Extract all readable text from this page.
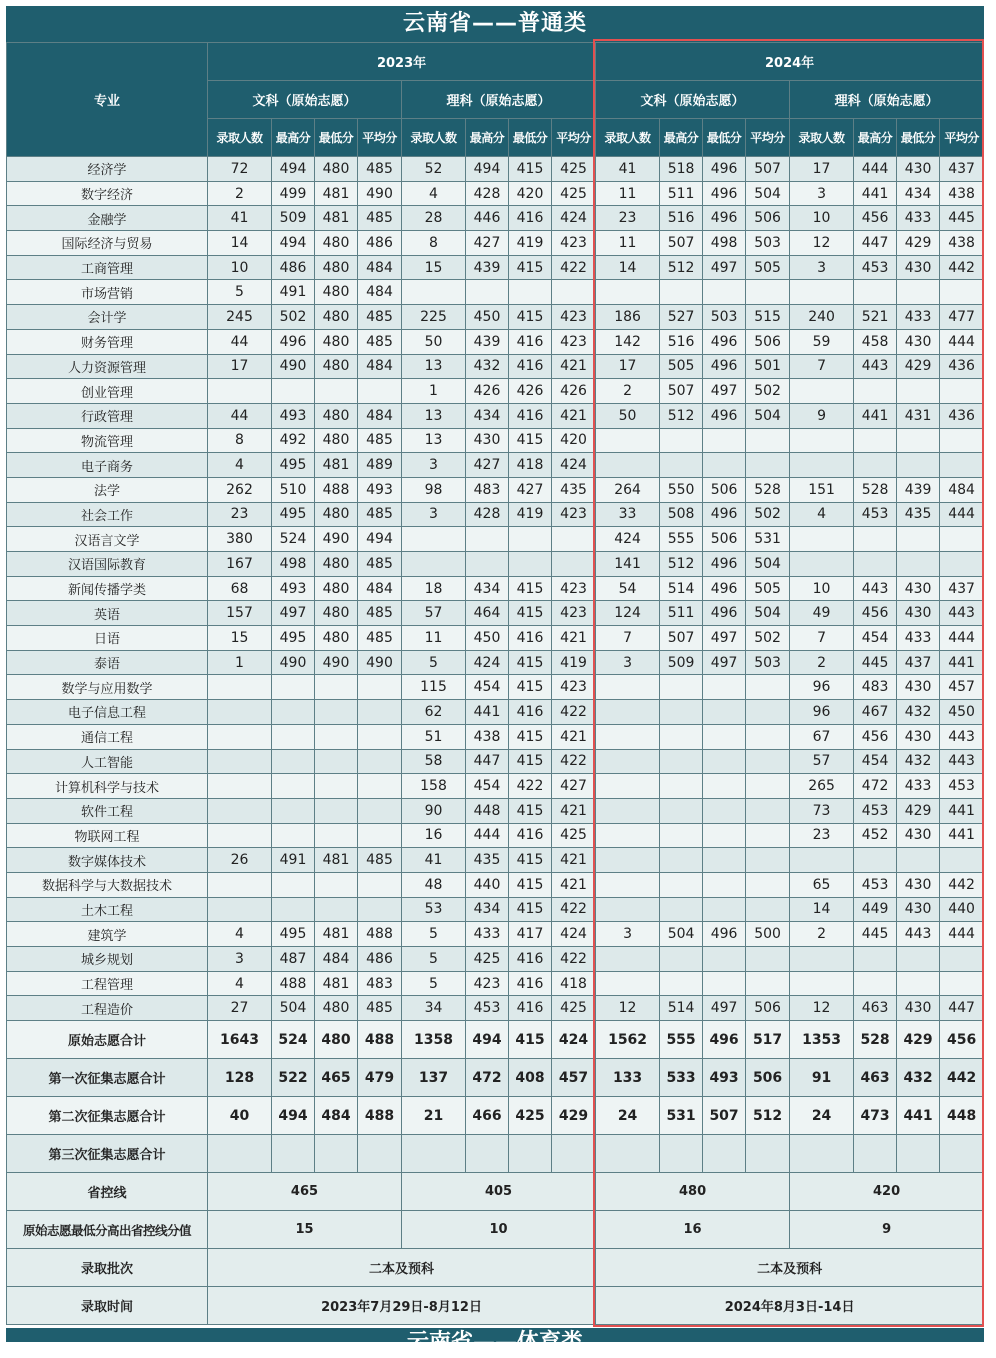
云南省——普通类
专业	2023年								2024年							
	文科（原始志愿）				理科（原始志愿）				文科（原始志愿）				理科（原始志愿）			
	录取人数	最高分	最低分	平均分	录取人数	最高分	最低分	平均分	录取人数	最高分	最低分	平均分	录取人数	最高分	最低分	平均分
经济学	72	494	480	485	52	494	415	425	41	518	496	507	17	444	430	437
数字经济	2	499	481	490	4	428	420	425	11	511	496	504	3	441	434	438
金融学	41	509	481	485	28	446	416	424	23	516	496	506	10	456	433	445
国际经济与贸易	14	494	480	486	8	427	419	423	11	507	498	503	12	447	429	438
工商管理	10	486	480	484	15	439	415	422	14	512	497	505	3	453	430	442
市场营销	5	491	480	484												
会计学	245	502	480	485	225	450	415	423	186	527	503	515	240	521	433	477
财务管理	44	496	480	485	50	439	416	423	142	516	496	506	59	458	430	444
人力资源管理	17	490	480	484	13	432	416	421	17	505	496	501	7	443	429	436
创业管理					1	426	426	426	2	507	497	502				
行政管理	44	493	480	484	13	434	416	421	50	512	496	504	9	441	431	436
物流管理	8	492	480	485	13	430	415	420								
电子商务	4	495	481	489	3	427	418	424								
法学	262	510	488	493	98	483	427	435	264	550	506	528	151	528	439	484
社会工作	23	495	480	485	3	428	419	423	33	508	496	502	4	453	435	444
汉语言文学	380	524	490	494					424	555	506	531				
汉语国际教育	167	498	480	485					141	512	496	504				
新闻传播学类	68	493	480	484	18	434	415	423	54	514	496	505	10	443	430	437
英语	157	497	480	485	57	464	415	423	124	511	496	504	49	456	430	443
日语	15	495	480	485	11	450	416	421	7	507	497	502	7	454	433	444
泰语	1	490	490	490	5	424	415	419	3	509	497	503	2	445	437	441
数学与应用数学					115	454	415	423					96	483	430	457
电子信息工程					62	441	416	422					96	467	432	450
通信工程					51	438	415	421					67	456	430	443
人工智能					58	447	415	422					57	454	432	443
计算机科学与技术					158	454	422	427					265	472	433	453
软件工程					90	448	415	421					73	453	429	441
物联网工程					16	444	416	425					23	452	430	441
数字媒体技术	26	491	481	485	41	435	415	421								
数据科学与大数据技术					48	440	415	421					65	453	430	442
土木工程					53	434	415	422					14	449	430	440
建筑学	4	495	481	488	5	433	417	424	3	504	496	500	2	445	443	444
城乡规划	3	487	484	486	5	425	416	422								
工程管理	4	488	481	483	5	423	416	418								
工程造价	27	504	480	485	34	453	416	425	12	514	497	506	12	463	430	447
原始志愿合计	1643	524	480	488	1358	494	415	424	1562	555	496	517	1353	528	429	456
第一次征集志愿合计	128	522	465	479	137	472	408	457	133	533	493	506	91	463	432	442
第二次征集志愿合计	40	494	484	488	21	466	425	429	24	531	507	512	24	473	441	448
第三次征集志愿合计																
省控线	465				405				480				420			
原始志愿最低分高出省控线分值	15				10				16				9			
录取批次	二本及预科								二本及预科							
录取时间	2023年7月29日-8月12日								2024年8月3日-14日							
云南省——体育类
